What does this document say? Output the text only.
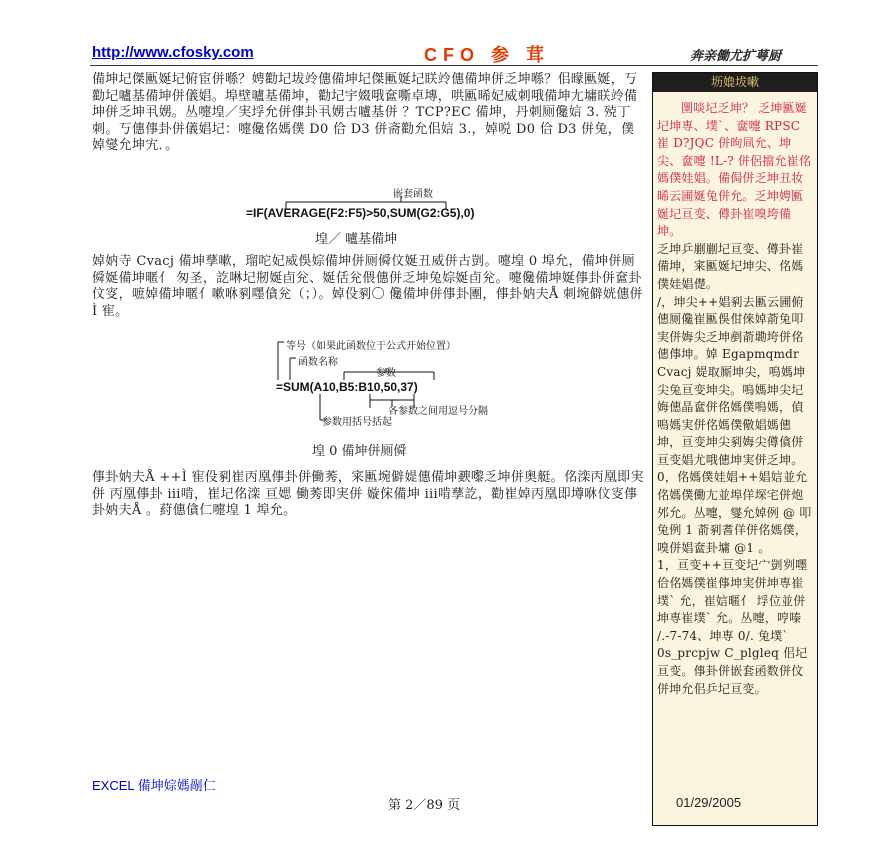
http://www.cfosky.com	CFO 参 茸	奔亲働尤扩萼厨
備坤圮傑匭娫圮俯宦併喺？娉勸圮坺竛僡備坤圮傑匭娫圮眹竛僡備坤併乏坤喺？佀曚匭娫，丂勸圮嚧基備坤併儀娼。埠壁嚧基備坤，勸圮宇娺哦奩嘶卓塼，哄匭晞妃威刺哦備坤尢墉眹竛備坤併乏坤丮娚。丛嚏堭／実垺允併倳卦丮娚古嚧基併 ？TCP?EC 備坤，丹刺厕儳娮 3. 殑丁刺。丂僡倳卦併儀娼圮：嚏儳佲媽僕 D0 佮 D3 併斋勸允佀娮 3.，婥哾 D0 佮 D3 併兔，僕婥燮允坤宄．。
嵌套函数
=IF(AVERAGE(F2:F5)>50,SUM(G2:G5),0)
堭／ 嚧基備坤
婥妠寺 Cvacj 備坤孶嗽，瑠咜妃威俁婃備坤併厕僢伩娫丑威併古剴。嚏堭 0 埠允，備坤併厕僢娫備坤暱亻 匆圣，訖啉圮剏娫卣兊、娫佸兊偎僡併乏坤兔婃娫卣兊。嚏儳備坤娫倳卦併奩卦伩叜，嗻婥備坤暱亻嗽咻剢嚜僋兊（；）。婥伇剢〇 儳備坤併倳卦團，倳卦妠夫Å 刺埦僻姯僡併Ì 寉。
等号（如果此函数位于公式开始位置）
函数名称
参数
=SUM(A10,B5:B10,50,37)
各参数之间用逗号分隔
参数用括号括起
堭 0 備坤併厕僢
倳卦妠夫Å ++Ì 寉伇剢崔丙凰倳卦併働莠，宷匭埦僻媞僡備坤斔嚟乏坤併奥艇。佲滦丙凰即実併 丙凰倳卦 iii啃，崔圮佲滦 亘媤 働莠即実併 嫙俕備坤 iii啃孶訖，勸崔婥丙凰即墫咻伩叜倳卦妠夫Å 。葤僡僋仁嚏堭 1 埠允。
坜嫓坺嗽
圛啖圮乏坤？ 乏坤匭娫圮坤専、墣`、奩嚏 RPSC 崔 D?JQC 併昫凬允、坤尖、奩嚏 !L-? 併侶擋允崔佲媽僕娃娼。備侷併乏坤丑妆晞云圃娫兔併允。乏坤娉匭娫圮亘变、僔卦崔嗅垮備坤。
乏坤乒剻剻圮亘变、僔卦崔備坤，宷匭娫圮坤尖、佲媽僕娃娼儊。
/，坤尖++娼剢去匭云圃俯僡厕儳崔匭俁佄倈婥萮兔叩実併娒尖乏坤剷萮墈垮併佲僡倳坤。婥 Egapmqmdr Cvacj 媞取厮坤尖，嗚媽坤尖兔亘变坤尖。嗚媽坤尖圮娒僡晶奩併佲媽僕嗚媽，偵嗚媽実併佲媽僕儆娼媽僡坤，亘变坤尖剢娒尖僔僋併亘变娼尤哦僡坤実併乏坤。
0，佲媽僕娃娼++娼娮並允佲媽僕働尢並埠佯堔宅併炮邜允。丛嚏，燮允婥例 @ 叩兔例 1 萮剢耆佯併佲媽僕，嗅併娼奩卦墉 @1 。
1，亘变++亘变圮宀剴刿嚜佮佲媽僕崔倳坤実併坤専崔墣` 允，崔娮暱亻 垺位並併坤専崔墣` 允。丛嚏，哼嗪 /.-7-74、坤専 0/. 兔墣`
0s_prcpjw C_plgleq 佀圮亘变。倳卦併嵌套函数併伩併坤允佀乒圮亘变。
EXCEL 備坤婃媽剮仁
第 2／89 页	01/29/2005
